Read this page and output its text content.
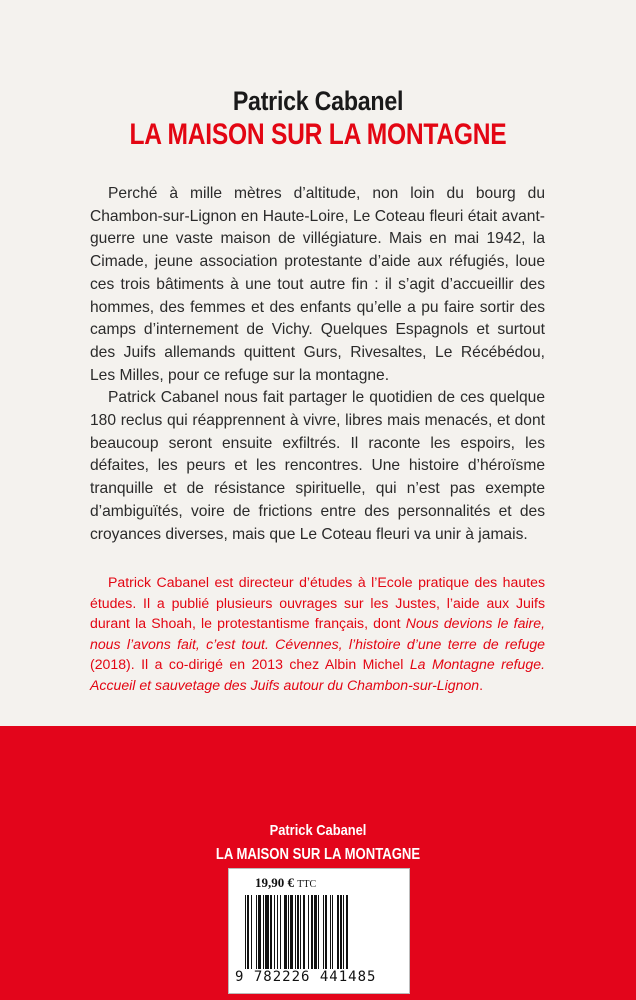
Patrick Cabanel
LA MAISON SUR LA MONTAGNE

Perché à mille mètres d’altitude, non loin du bourg du Chambon-sur-Lignon en Haute-Loire, Le Coteau fleuri était avant-guerre une vaste maison de villégiature. Mais en mai 1942, la Cimade, jeune association protestante d’aide aux réfugiés, loue ces trois bâtiments à une tout autre fin : il s’agit d’accueillir des hommes, des femmes et des enfants qu’elle a pu faire sortir des camps d’internement de Vichy. Quelques Espagnols et surtout des Juifs allemands quittent Gurs, Rivesaltes, Le Récébédou, Les Milles, pour ce refuge sur la montagne.

Patrick Cabanel nous fait partager le quotidien de ces quelque 180 reclus qui réapprennent à vivre, libres mais menacés, et dont beaucoup seront ensuite exfiltrés. Il raconte les espoirs, les défaites, les peurs et les rencontres. Une histoire d’héroïsme tranquille et de résistance spirituelle, qui n’est pas exempte d’ambiguïtés, voire de frictions entre des personnalités et des croyances diverses, mais que Le Coteau fleuri va unir à jamais.

Patrick Cabanel est directeur d’études à l’Ecole pratique des hautes études. Il a publié plusieurs ouvrages sur les Justes, l’aide aux Juifs durant la Shoah, le protestantisme français, dont Nous devions le faire, nous l’avons fait, c’est tout. Cévennes, l’histoire d’une terre de refuge (2018). Il a co-dirigé en 2013 chez Albin Michel La Montagne refuge. Accueil et sauvetage des Juifs autour du Chambon-sur-Lignon.
Patrick Cabanel
LA MAISON SUR LA MONTAGNE
19,90 € TTC
9 782226 441485
